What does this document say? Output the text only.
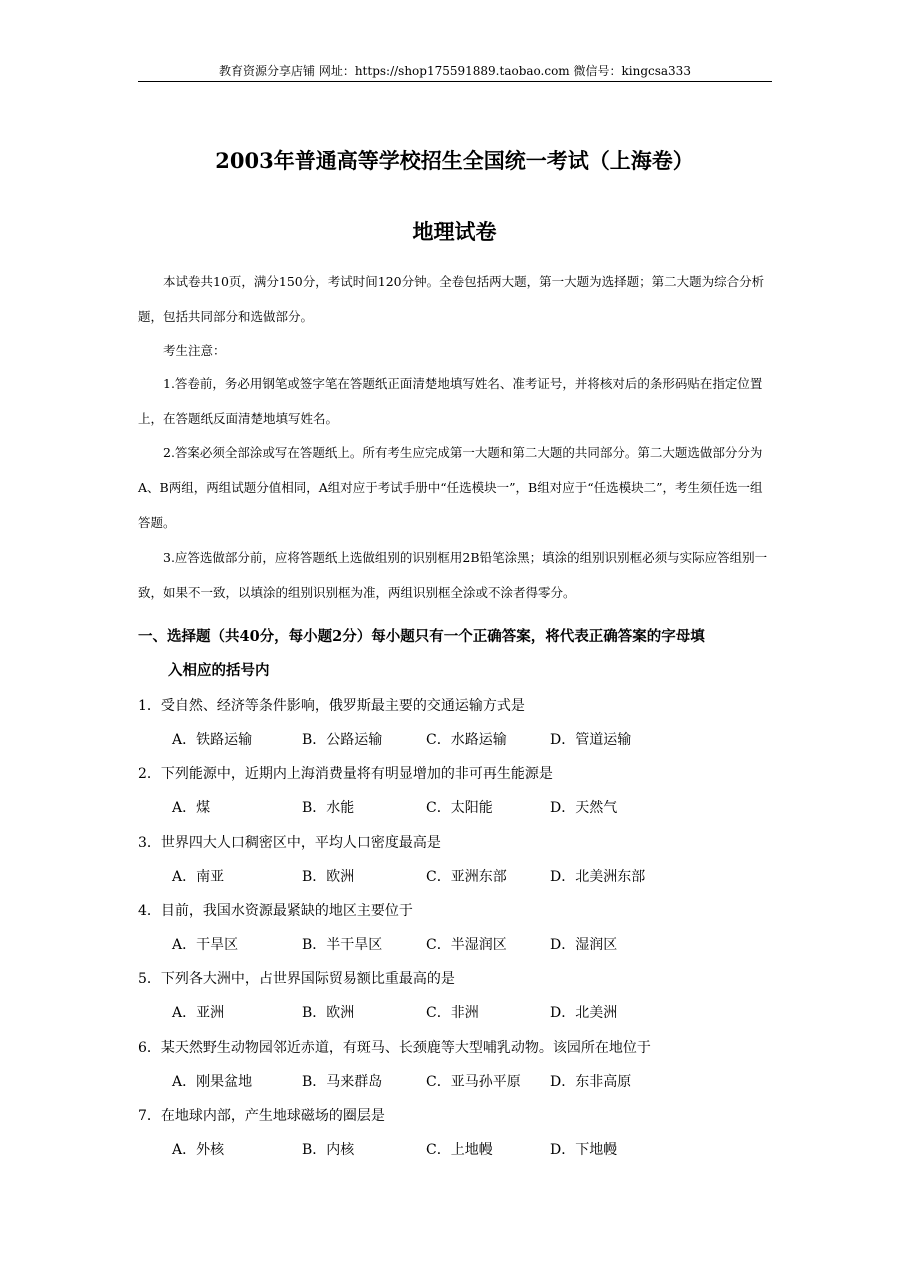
教育资源分享店铺 网址：https://shop175591889.taobao.com 微信号：kingcsa333
2003年普通高等学校招生全国统一考试（上海卷）
地理试卷
本试卷共10页，满分150分，考试时间120分钟。全卷包括两大题，第一大题为选择题；第二大题为综合分析题，包括共同部分和选做部分。
考生注意：
1.答卷前，务必用钢笔或签字笔在答题纸正面清楚地填写姓名、准考证号，并将核对后的条形码贴在指定位置上，在答题纸反面清楚地填写姓名。
2.答案必须全部涂或写在答题纸上。所有考生应完成第一大题和第二大题的共同部分。第二大题选做部分分为A、B两组，两组试题分值相同，A组对应于考试手册中“任选模块一”，B组对应于“任选模块二”，考生须任选一组答题。
3.应答选做部分前，应将答题纸上选做组别的识别框用2B铅笔涂黑；填涂的组别识别框必须与实际应答组别一致，如果不一致，以填涂的组别识别框为准，两组识别框全涂或不涂者得零分。
一、选择题（共40分，每小题2分）每小题只有一个正确答案，将代表正确答案的字母填
入相应的括号内
1．受自然、经济等条件影响，俄罗斯最主要的交通运输方式是
A．铁路运输	B．公路运输	C．水路运输	D．管道运输
2．下列能源中，近期内上海消费量将有明显增加的非可再生能源是
A．煤	B．水能	C．太阳能	D．天然气
3．世界四大人口稠密区中，平均人口密度最高是
A．南亚	B．欧洲	C．亚洲东部	D．北美洲东部
4．目前，我国水资源最紧缺的地区主要位于
A．干旱区	B．半干旱区	C．半湿润区	D．湿润区
5．下列各大洲中，占世界国际贸易额比重最高的是
A．亚洲	B．欧洲	C．非洲	D．北美洲
6．某天然野生动物园邻近赤道，有斑马、长颈鹿等大型哺乳动物。该园所在地位于
A．刚果盆地	B．马来群岛	C．亚马孙平原 D．东非高原
7．在地球内部，产生地球磁场的圈层是
A．外核	B．内核	C．上地幔	D．下地幔
